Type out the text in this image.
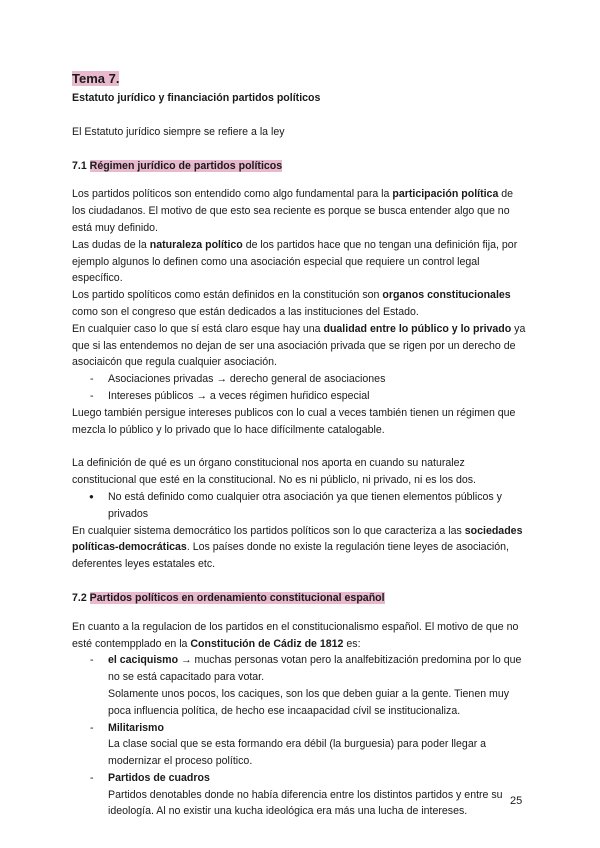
Tema 7.

Estatuto jurídico y financiación partidos políticos

El Estatuto jurídico siempre se refiere a la ley

7.1 Régimen jurídico de partidos políticos

Los partidos políticos son entendido como algo fundamental para la participación política de los ciudadanos. El motivo de que esto sea reciente es porque se busca entender algo que no está muy definido.

Las dudas de la naturaleza político de los partidos hace que no tengan una definición fija, por ejemplo algunos lo definen como una asociación especial que requiere un control legal específico.

Los partido spolíticos como están definidos en la constitución son organos constitucionales como son el congreso que están dedicados a las instituciones del Estado.

En cualquier caso lo que sí está claro esque hay una dualidad entre lo público y lo privado ya que si las entendemos no dejan de ser una asociación privada que se rigen por un derecho de asociaicón que regula cualquier asociación.

- Asociaciones privadas → derecho general de asociaciones
- Intereses públicos → a veces régimen huŕidico especial

Luego también persigue intereses publicos con lo cual a veces también tienen un régimen que mezcla lo público y lo privado que lo hace difícilmente catalogable.

La definición de qué es un órgano constitucional nos aporta en cuando su naturalez constitucional que esté en la constitucional. No es ni públiclo, ni privado, ni es los dos.

● No está definido como cualquier otra asociación ya que tienen elementos públicos y privados

En cualquier sistema democrático los partidos políticos son lo que caracteriza a las sociedades políticas-democráticas. Los países donde no existe la regulación tiene leyes de asociación, deferentes leyes estatales etc.

7.2 Partidos políticos en ordenamiento constitucional español

En cuanto a la regulacion de los partidos en el constitucionalismo español. El motivo de que no esté contempplado en la Constitución de Cádiz de 1812 es:

- el caciquismo → muchas personas votan pero la analfebitización predomina por lo que no se está capacitado para votar.
Solamente unos pocos, los caciques, son los que deben guiar a la gente. Tienen muy poca influencia política, de hecho ese incaapacidad cívil se institucionaliza.
- Militarismo
La clase social que se esta formando era débil (la burguesia) para poder llegar a modernizar el proceso político.
- Partidos de cuadros
Partidos denotables donde no había diferencia entre los distintos partidos y entre su ideología. Al no existir una kucha ideológica era más una lucha de intereses.
25
